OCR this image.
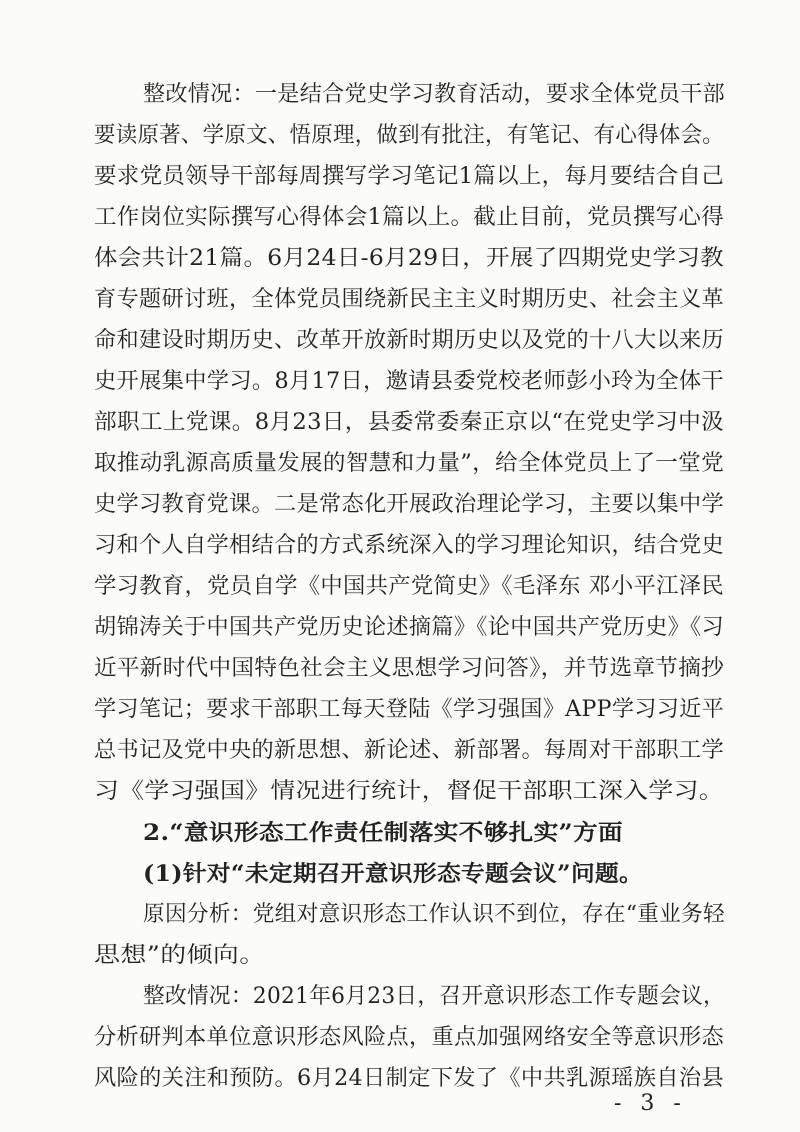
整改情况：一是结合党史学习教育活动，要求全体党员干部
要读原著、学原文、悟原理，做到有批注，有笔记、有心得体会。
要求党员领导干部每周撰写学习笔记1篇以上，每月要结合自己
工作岗位实际撰写心得体会1篇以上。截止目前，党员撰写心得
体会共计21篇。6月24日-6月29日，开展了四期党史学习教
育专题研讨班，全体党员围绕新民主主义时期历史、社会主义革
命和建设时期历史、改革开放新时期历史以及党的十八大以来历
史开展集中学习。8月17日，邀请县委党校老师彭小玲为全体干
部职工上党课。8月23日，县委常委秦正京以“在党史学习中汲
取推动乳源高质量发展的智慧和力量”，给全体党员上了一堂党
史学习教育党课。二是常态化开展政治理论学习，主要以集中学
习和个人自学相结合的方式系统深入的学习理论知识，结合党史
学习教育，党员自学《中国共产党简史》《毛泽东 邓小平江泽民
胡锦涛关于中国共产党历史论述摘篇》《论中国共产党历史》《习
近平新时代中国特色社会主义思想学习问答》，并节选章节摘抄
学习笔记；要求干部职工每天登陆《学习强国》APP学习习近平
总书记及党中央的新思想、新论述、新部署。每周对干部职工学
习《学习强国》情况进行统计，督促干部职工深入学习。
2.“意识形态工作责任制落实不够扎实”方面
(1)针对“未定期召开意识形态专题会议”问题。
原因分析：党组对意识形态工作认识不到位，存在“重业务轻
思想”的倾向。
整改情况：2021年6月23日，召开意识形态工作专题会议，
分析研判本单位意识形态风险点，重点加强网络安全等意识形态
风险的关注和预防。6月24日制定下发了《中共乳源瑶族自治县
- 3 -
